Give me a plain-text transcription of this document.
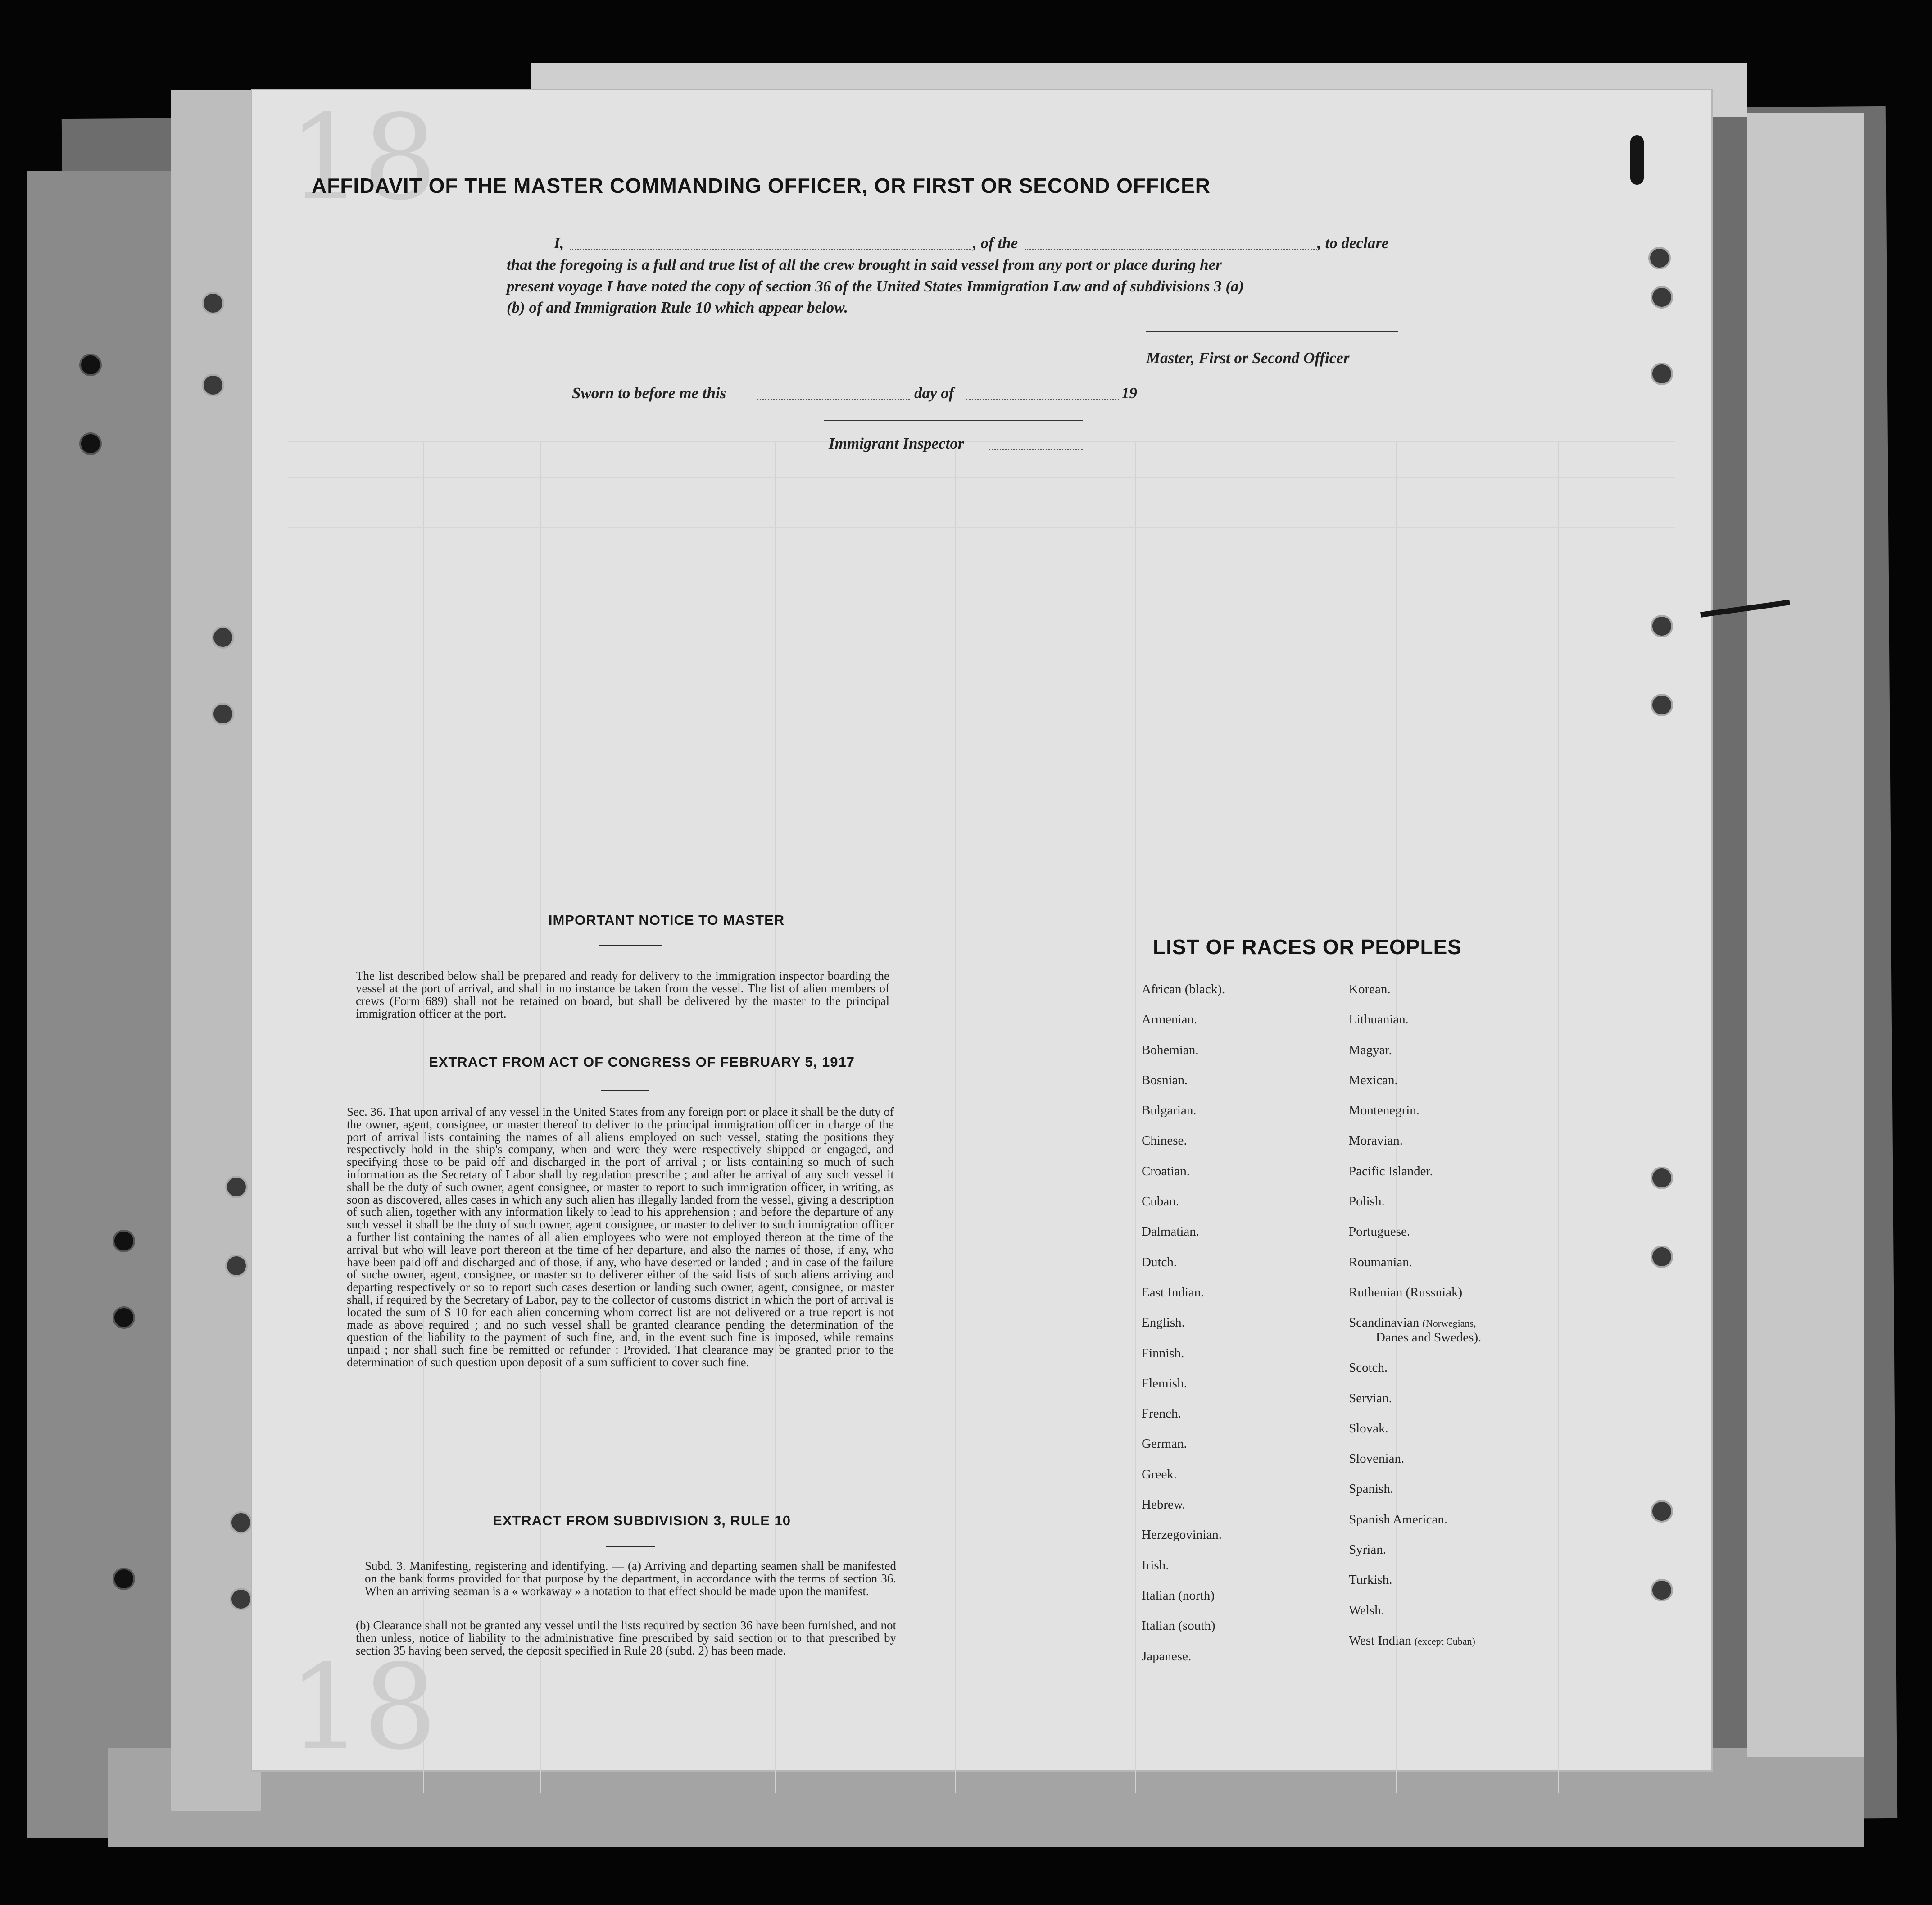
18
18
AFFIDAVIT OF THE MASTER COMMANDING OFFICER, OR FIRST OR SECOND OFFICER
I,	, of the	, to declare
that the foregoing is a full and true list of all the crew brought in said vessel from any port or place during her
present voyage I have noted the copy of section 36 of the United States Immigration Law and of subdivisions 3 (a)
(b) of and Immigration Rule 10 which appear below.
Master, First or Second Officer
Sworn to before me this	day of	19
Immigrant Inspector
IMPORTANT NOTICE TO MASTER
The list described below shall be prepared and ready for delivery to the immigration inspector boarding the vessel at the port of arrival, and shall in no instance be taken from the vessel. The list of alien members of crews (Form 689) shall not be retained on board, but shall be delivered by the master to the principal immigration officer at the port.
EXTRACT FROM ACT OF CONGRESS OF FEBRUARY 5, 1917
Sec. 36. That upon arrival of any vessel in the United States from any foreign port or place it shall be the duty of the owner, agent, consignee, or master thereof to deliver to the principal immigration officer in charge of the port of arrival lists containing the names of all aliens employed on such vessel, stating the positions they respectively hold in the ship's company, when and were they were respectively shipped or engaged, and specifying those to be paid off and discharged in the port of arrival ; or lists containing so much of such information as the Secretary of Labor shall by regulation prescribe ; and after he arrival of any such vessel it shall be the duty of such owner, agent consignee, or master to report to such immigration officer, in writing, as soon as discovered, alles cases in which any such alien has illegally landed from the vessel, giving a description of such alien, together with any information likely to lead to his apprehension ; and before the departure of any such vessel it shall be the duty of such owner, agent consignee, or master to deliver to such immigration officer a further list containing the names of all alien employees who were not employed thereon at the time of the arrival but who will leave port thereon at the time of her departure, and also the names of those, if any, who have been paid off and discharged and of those, if any, who have deserted or landed ; and in case of the failure of suche owner, agent, consignee, or master so to deliverer either of the said lists of such aliens arriving and departing respectively or so to report such cases desertion or landing such owner, agent, consignee, or master shall, if required by the Secretary of Labor, pay to the collector of customs district in which the port of arrival is located the sum of $ 10 for each alien concerning whom correct list are not delivered or a true report is not made as above required ; and no such vessel shall be granted clearance pending the determination of the question of the liability to the payment of such fine, and, in the event such fine is imposed, while remains unpaid ; nor shall such fine be remitted or refunder : Provided. That clearance may be granted prior to the determination of such question upon deposit of a sum sufficient to cover such fine.
EXTRACT FROM SUBDIVISION 3, RULE 10
Subd. 3. Manifesting, registering and identifying. — (a) Arriving and departing seamen shall be manifested on the bank forms provided for that purpose by the department, in accordance with the terms of section 36. When an arriving seaman is a « workaway » a notation to that effect should be made upon the manifest.
(b) Clearance shall not be granted any vessel until the lists required by section 36 have been furnished, and not then unless, notice of liability to the administrative fine prescribed by said section or to that prescribed by section 35 having been served, the deposit specified in Rule 28 (subd. 2) has been made.
LIST OF RACES OR PEOPLES
African (black).
Armenian.
Bohemian.
Bosnian.
Bulgarian.
Chinese.
Croatian.
Cuban.
Dalmatian.
Dutch.
East Indian.
English.
Finnish.
Flemish.
French.
German.
Greek.
Hebrew.
Herzegovinian.
Irish.
Italian (north)
Italian (south)
Japanese.
Korean.
Lithuanian.
Magyar.
Mexican.
Montenegrin.
Moravian.
Pacific Islander.
Polish.
Portuguese.
Roumanian.
Ruthenian (Russniak)
Scandinavian (Norwegians,
Danes and Swedes).
Scotch.
Servian.
Slovak.
Slovenian.
Spanish.
Spanish American.
Syrian.
Turkish.
Welsh.
West Indian (except Cuban)
